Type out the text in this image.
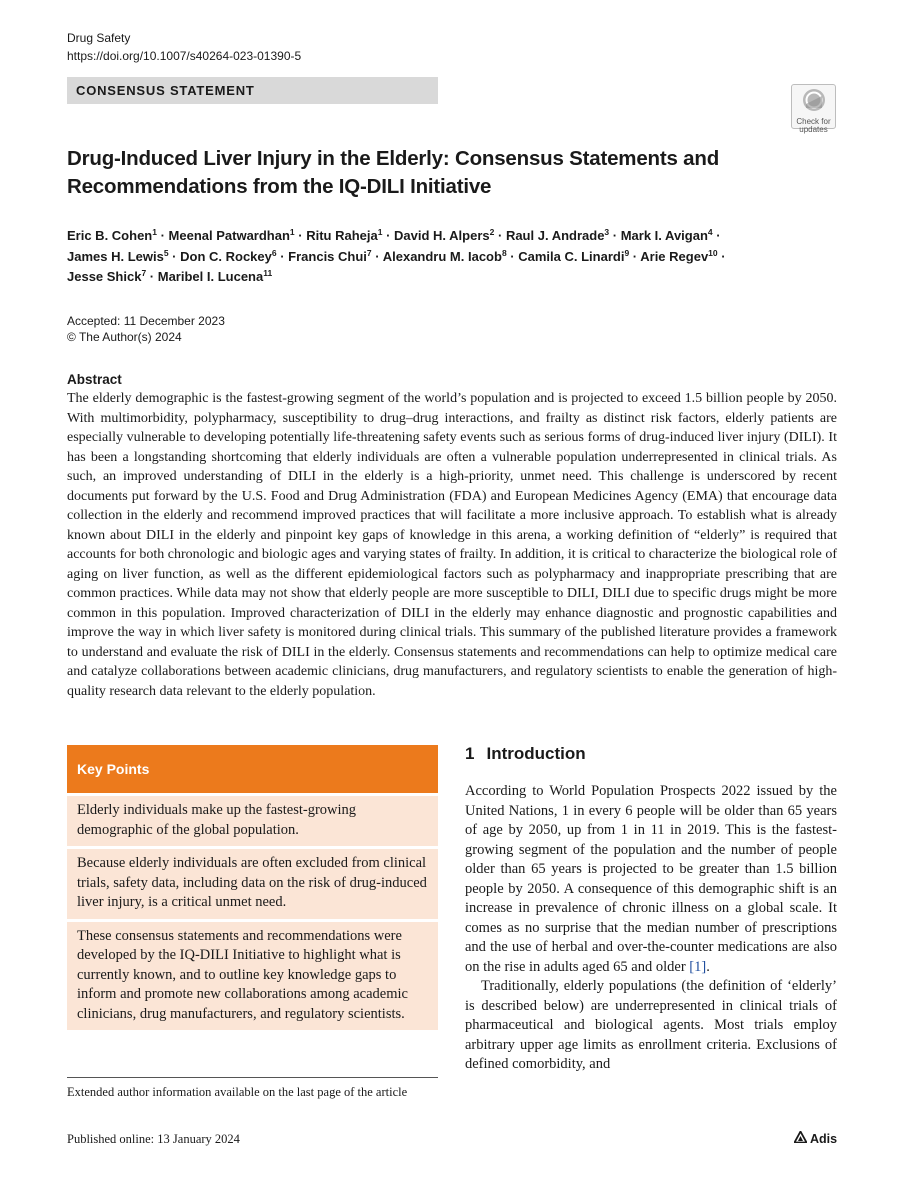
Drug Safety
https://doi.org/10.1007/s40264-023-01390-5
CONSENSUS STATEMENT
Check for
updates
Drug-Induced Liver Injury in the Elderly: Consensus Statements and Recommendations from the IQ-DILI Initiative
Eric B. Cohen$^1$ · Meenal Patwardhan$^1$ · Ritu Raheja$^1$ · David H. Alpers$^2$ · Raul J. Andrade$^3$ · Mark I. Avigan$^4$ ·
James H. Lewis$^5$ · Don C. Rockey$^6$ · Francis Chui$^7$ · Alexandru M. Iacob$^8$ · Camila C. Linardi$^9$ · Arie Regev$^{10}$ ·
Jesse Shick$^7$ · Maribel I. Lucena$^{11}$
Accepted: 11 December 2023
© The Author(s) 2024
Abstract

The elderly demographic is the fastest-growing segment of the world’s population and is projected to exceed 1.5 billion people by 2050. With multimorbidity, polypharmacy, susceptibility to drug–drug interactions, and frailty as distinct risk factors, elderly patients are especially vulnerable to developing potentially life-threatening safety events such as serious forms of drug-induced liver injury (DILI). It has been a longstanding shortcoming that elderly individuals are often a vulnerable population underrepresented in clinical trials. As such, an improved understanding of DILI in the elderly is a high-priority, unmet need. This challenge is underscored by recent documents put forward by the U.S. Food and Drug Administration (FDA) and European Medicines Agency (EMA) that encourage data collection in the elderly and recommend improved practices that will facilitate a more inclusive approach. To establish what is already known about DILI in the elderly and pinpoint key gaps of knowledge in this arena, a working definition of “elderly” is required that accounts for both chronologic and biologic ages and varying states of frailty. In addition, it is critical to characterize the biological role of aging on liver function, as well as the different epidemiological factors such as polypharmacy and inappropriate prescribing that are common practices. While data may not show that elderly people are more susceptible to DILI, DILI due to specific drugs might be more common in this population. Improved characterization of DILI in the elderly may enhance diagnostic and prognostic capabilities and improve the way in which liver safety is monitored during clinical trials. This summary of the published literature provides a framework to understand and evaluate the risk of DILI in the elderly. Consensus statements and recommendations can help to optimize medical care and catalyze collaborations between academic clinicians, drug manufacturers, and regulatory scientists to enable the generation of high-quality research data relevant to the elderly population.

Key Points
Elderly individuals make up the fastest-growing demographic of the global population.
Because elderly individuals are often excluded from clinical trials, safety data, including data on the risk of drug-induced liver injury, is a critical unmet need.
These consensus statements and recommendations were developed by the IQ-DILI Initiative to highlight what is currently known, and to outline key knowledge gaps to inform and promote new collaborations among academic clinicians, drug manufacturers, and regulatory scientists.
Extended author information available on the last page of the article
1 Introduction

According to World Population Prospects 2022 issued by the United Nations, 1 in every 6 people will be older than 65 years of age by 2050, up from 1 in 11 in 2019. This is the fastest-growing segment of the population and the number of people older than 65 years is projected to be greater than 1.5 billion people by 2050. A consequence of this demographic shift is an increase in prevalence of chronic illness on a global scale. It comes as no surprise that the median number of prescriptions and the use of herbal and over-the-counter medications are also on the rise in adults aged 65 and older [1].

Traditionally, elderly populations (the definition of ‘elderly’ is described below) are underrepresented in clinical trials of pharmaceutical and biological agents. Most trials employ arbitrary upper age limits as enrollment criteria. Exclusions of defined comorbidity, and

Published online: 13 January 2024	Adis
